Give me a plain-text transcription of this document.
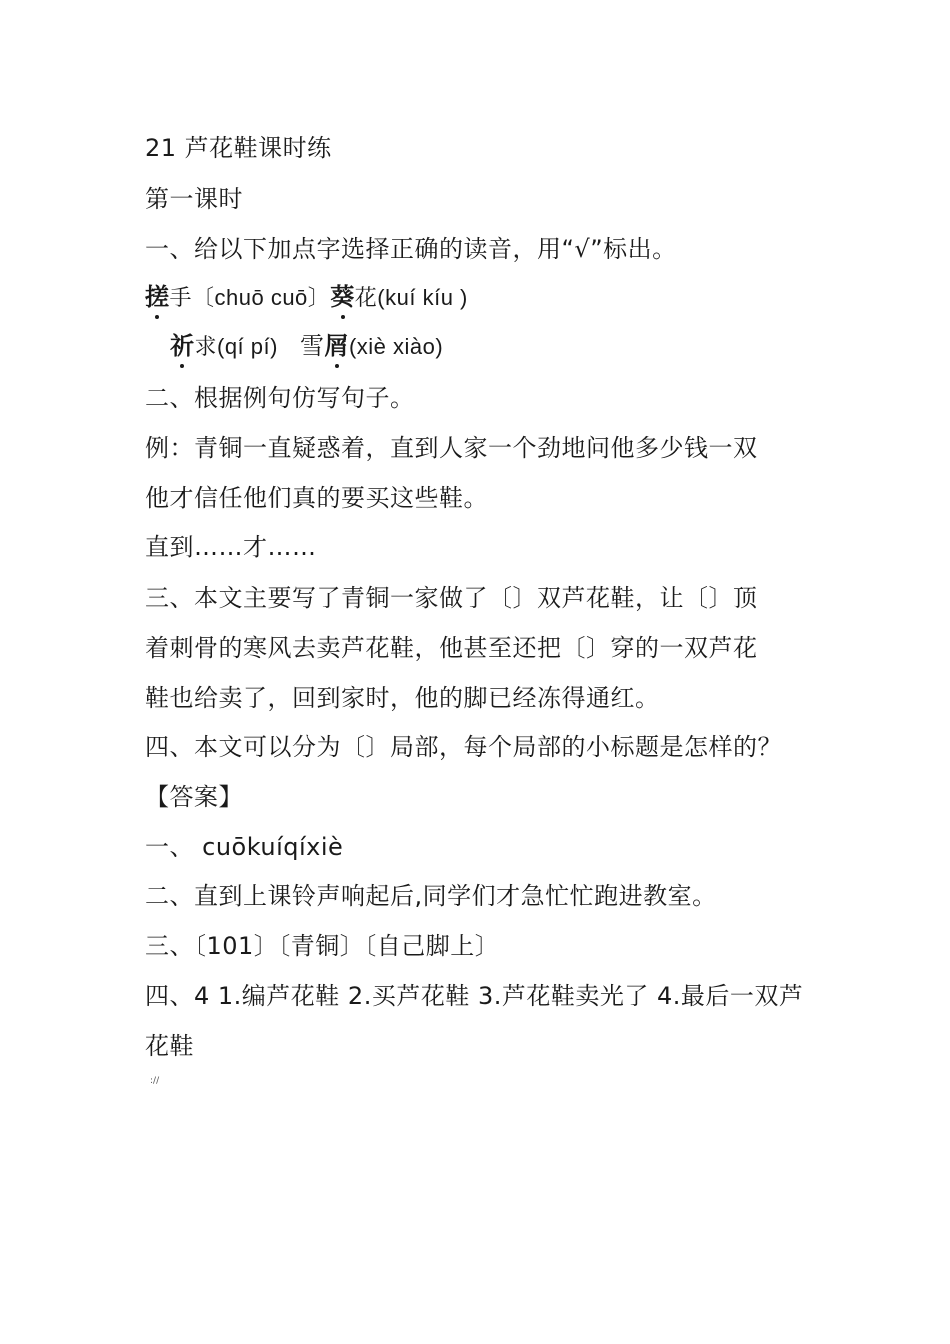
21 芦花鞋课时练
第一课时
一、给以下加点字选择正确的读音，用“√”标出。
搓手〔chuō cuō〕葵花(kuí kíu )
祈求(qí pí) 雪屑(xiè xiào)
二、根据例句仿写句子。
例：青铜一直疑惑着，直到人家一个劲地问他多少钱一双
他才信任他们真的要买这些鞋。
直到……才……
三、本文主要写了青铜一家做了〔〕双芦花鞋，让〔〕顶
着刺骨的寒风去卖芦花鞋，他甚至还把〔〕穿的一双芦花
鞋也给卖了，回到家时，他的脚已经冻得通红。
四、本文可以分为〔〕局部，每个局部的小标题是怎样的？
【答案】
一、 cuōkuíqíxiè
二、直到上课铃声响起后,同学们才急忙忙跑进教室。
三、〔101〕〔青铜〕〔自己脚上〕
四、4 1.编芦花鞋 2.买芦花鞋 3.芦花鞋卖光了 4.最后一双芦
花鞋
://
